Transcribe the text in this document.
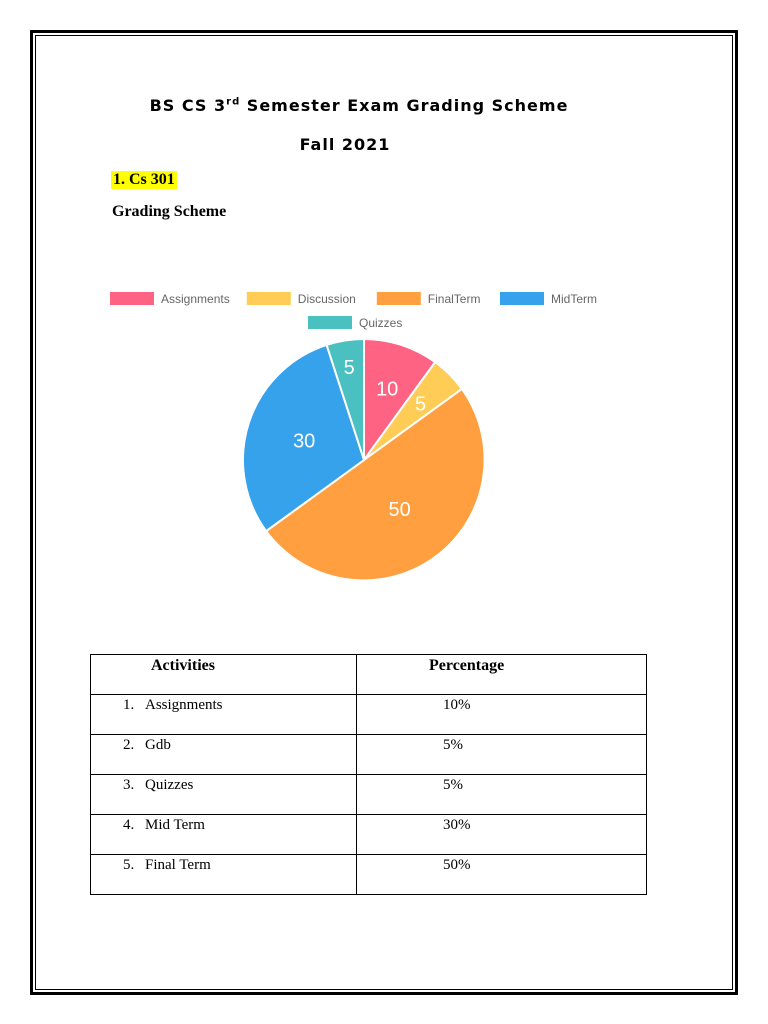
BS CS 3rd Semester Exam Grading Scheme
Fall 2021
1. Cs 301
Grading Scheme
Assignments	Discussion	FinalTerm	MidTerm
Quizzes
10
5
50
30
5
Activities	Percentage
1. Assignments	10%
2. Gdb	5%
3. Quizzes	5%
4. Mid Term	30%
5. Final Term	50%
